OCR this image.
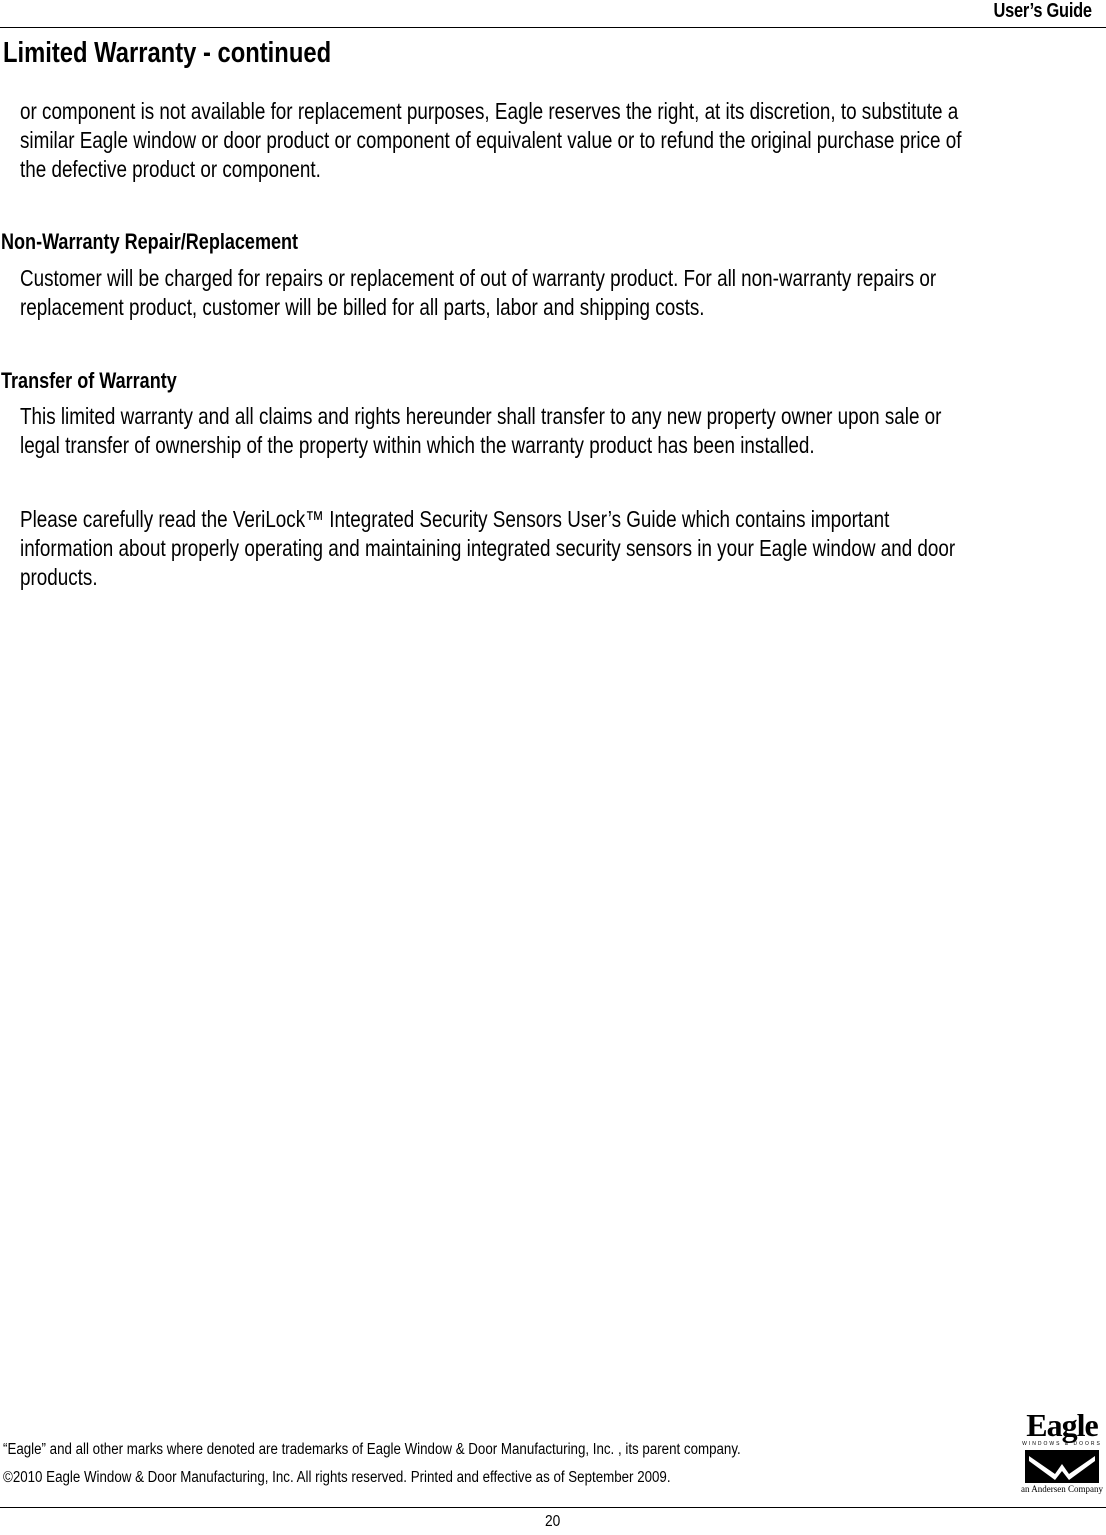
User’s Guide
Limited Warranty - continued

or component is not available for replacement purposes, Eagle reserves the right, at its discretion, to substitute a
similar Eagle window or door product or component of equivalent value or to refund the original purchase price of
the defective product or component.

Non-Warranty Repair/Replacement

Customer will be charged for repairs or replacement of out of warranty product. For all non-warranty repairs or
replacement product, customer will be billed for all parts, labor and shipping costs.

Transfer of Warranty

This limited warranty and all claims and rights hereunder shall transfer to any new property owner upon sale or
legal transfer of ownership of the property within which the warranty product has been installed.

Please carefully read the VeriLock™ Integrated Security Sensors User’s Guide which contains important
information about properly operating and maintaining integrated security sensors in your Eagle window and door
products.

“Eagle” and all other marks where denoted are trademarks of Eagle Window & Door Manufacturing, Inc. , its parent company.
©2010 Eagle Window & Door Manufacturing, Inc. All rights reserved. Printed and effective as of September 2009.
Eagle
WINDOWS & DOORS
an Andersen Company
20
